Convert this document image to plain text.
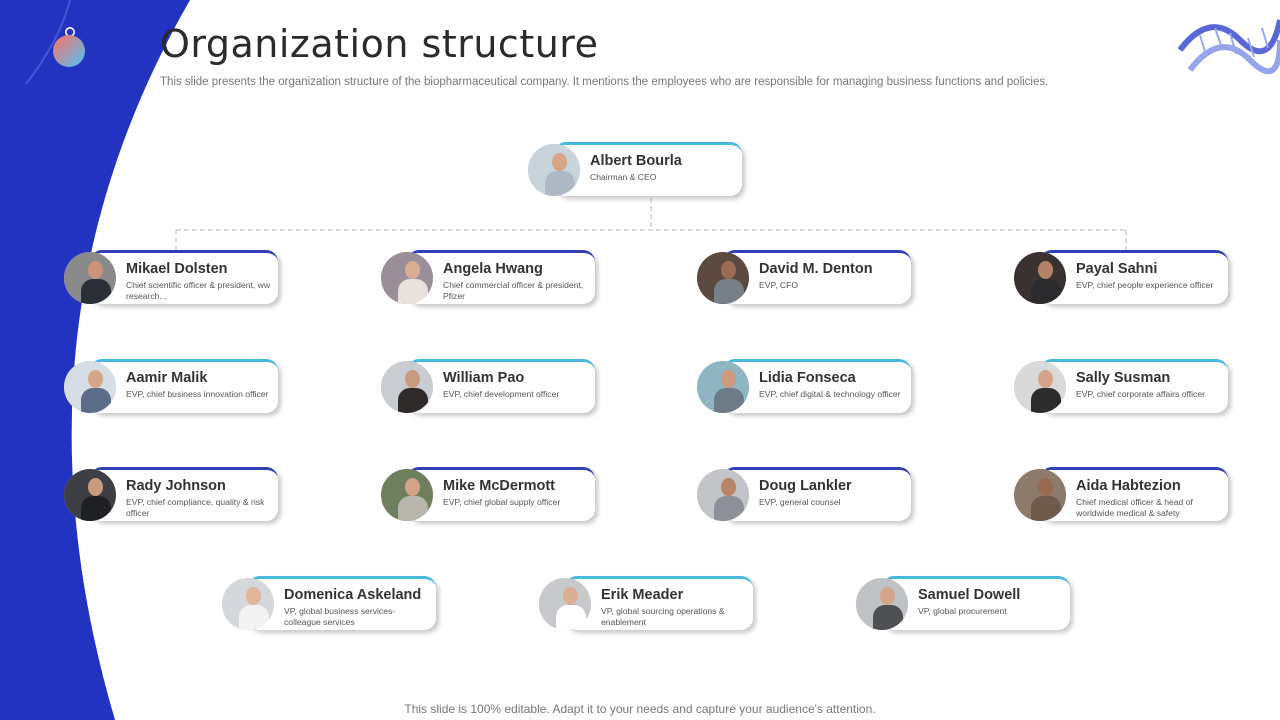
Organization structure
This slide presents the organization structure of the biopharmaceutical company. It mentions the employees who are responsible for managing business functions and policies.
Albert Bourla
Chairman & CEO
Mikael Dolsten
Chief scientific officer & president, ww research...
Angela Hwang
Chief commercial officer & president, Pfizer
David M. Denton
EVP, CFO
Payal Sahni
EVP, chief people experience officer
Aamir Malik
EVP, chief business innovation officer
William Pao
EVP, chief development officer
Lidia Fonseca
EVP, chief digital & technology officer
Sally Susman
EVP, chief corporate affairs officer
Rady Johnson
EVP, chief compliance, quality & risk officer
Mike McDermott
EVP, chief global supply officer
Doug Lankler
EVP, general counsel
Aida Habtezion
Chief medical officer & head of worldwide medical & safety
Domenica Askeland
VP, global business services- colleague services
Erik Meader
VP, global sourcing operations & enablement
Samuel Dowell
VP, global procurement
This slide is 100% editable. Adapt it to your needs and capture your audience's attention.
